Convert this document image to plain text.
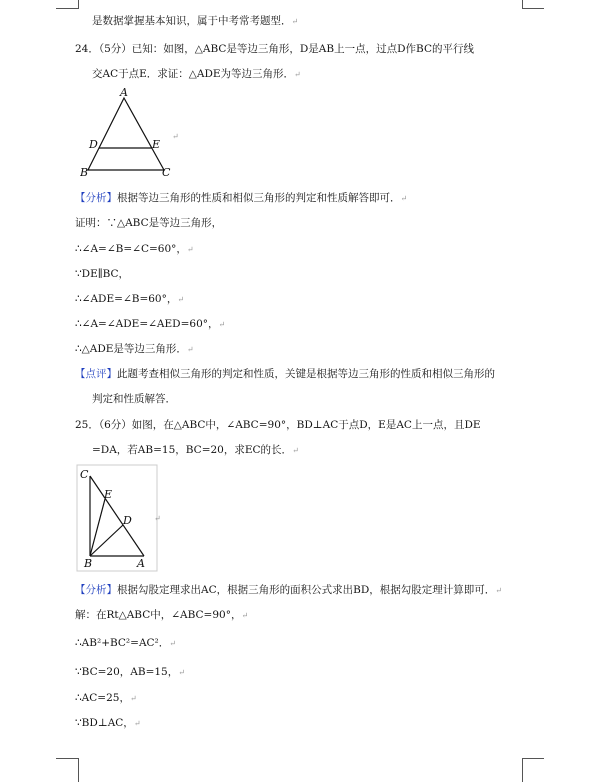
是数据掌握基本知识，属于中考常考题型．↵
24．（5分）已知：如图，△ABC是等边三角形，D是AB上一点，过点D作BC的平行线
交AC于点E．求证：△ADE为等边三角形．↵
A
D	E
B	C
↵
【分析】根据等边三角形的性质和相似三角形的判定和性质解答即可．↵
证明：∵△ABC是等边三角形，
∴∠A=∠B=∠C=60°，↵
∵DE∥BC，
∴∠ADE=∠B=60°，↵
∴∠A=∠ADE=∠AED=60°，↵
∴△ADE是等边三角形．↵
【点评】此题考查相似三角形的判定和性质，关键是根据等边三角形的性质和相似三角形的
判定和性质解答．
25．（6分）如图，在△ABC中，∠ABC=90°，BD⊥AC于点D，E是AC上一点，且DE
=DA，若AB=15，BC=20，求EC的长．↵
C
E
D
B	A
↵
【分析】根据勾股定理求出AC，根据三角形的面积公式求出BD，根据勾股定理计算即可．↵
解：在Rt△ABC中，∠ABC=90°，↵
∴AB²+BC²=AC²．↵
∵BC=20，AB=15，↵
∴AC=25，↵
∵BD⊥AC，↵
